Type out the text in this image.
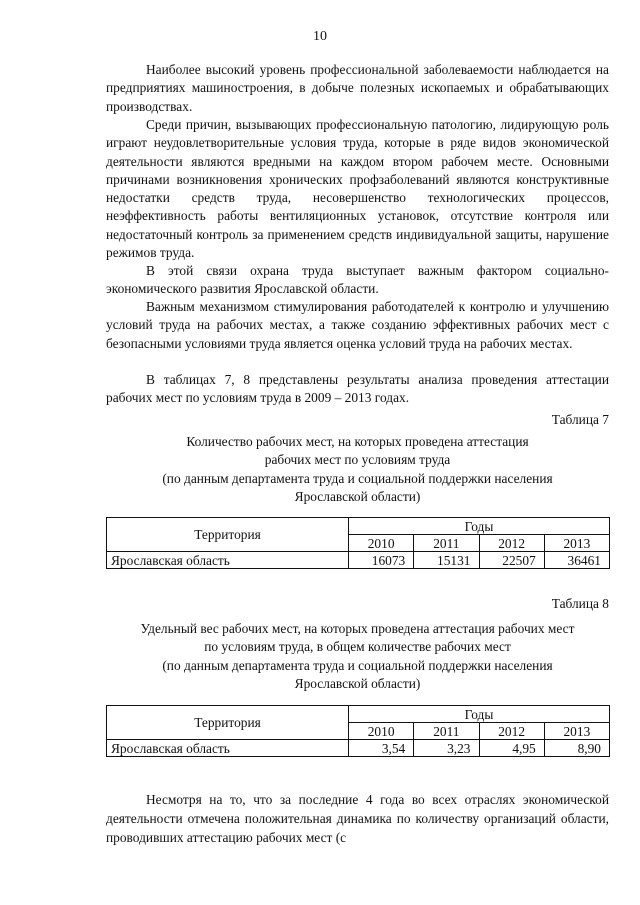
10

Наиболее высокий уровень профессиональной заболеваемости наблюдается на предприятиях машиностроения, в добыче полезных ископаемых и обрабатывающих производствах.

Среди причин, вызывающих профессиональную патологию, лидирующую роль играют неудовлетворительные условия труда, которые в ряде видов экономической деятельности являются вредными на каждом втором рабочем месте. Основными причинами возникновения хронических профзаболеваний являются конструктивные недостатки средств труда, несовершенство технологических процессов, неэффективность работы вентиляционных установок, отсутствие контроля или недостаточный контроль за применением средств индивидуальной защиты, нарушение режимов труда.

В этой связи охрана труда выступает важным фактором социально-экономического развития Ярославской области.

Важным механизмом стимулирования работодателей к контролю и улучшению условий труда на рабочих местах, а также созданию эффективных рабочих мест с безопасными условиями труда является оценка условий труда на рабочих местах.

В таблицах 7, 8 представлены результаты анализа проведения аттестации рабочих мест по условиям труда в 2009 – 2013 годах.

Таблица 7
Количество рабочих мест, на которых проведена аттестация
рабочих мест по условиям труда
(по данным департамента труда и социальной поддержки населения
Ярославской области)
Территория	Годы			
	2010	2011	2012	2013
Ярославская область	16073	15131	22507	36461
Таблица 8
Удельный вес рабочих мест, на которых проведена аттестация рабочих мест
по условиям труда, в общем количестве рабочих мест
(по данным департамента труда и социальной поддержки населения
Ярославской области)
Территория	Годы			
	2010	2011	2012	2013
Ярославская область	3,54	3,23	4,95	8,90

Несмотря на то, что за последние 4 года во всех отраслях экономической деятельности отмечена положительная динамика по количеству организаций области, проводивших аттестацию рабочих мест (с
